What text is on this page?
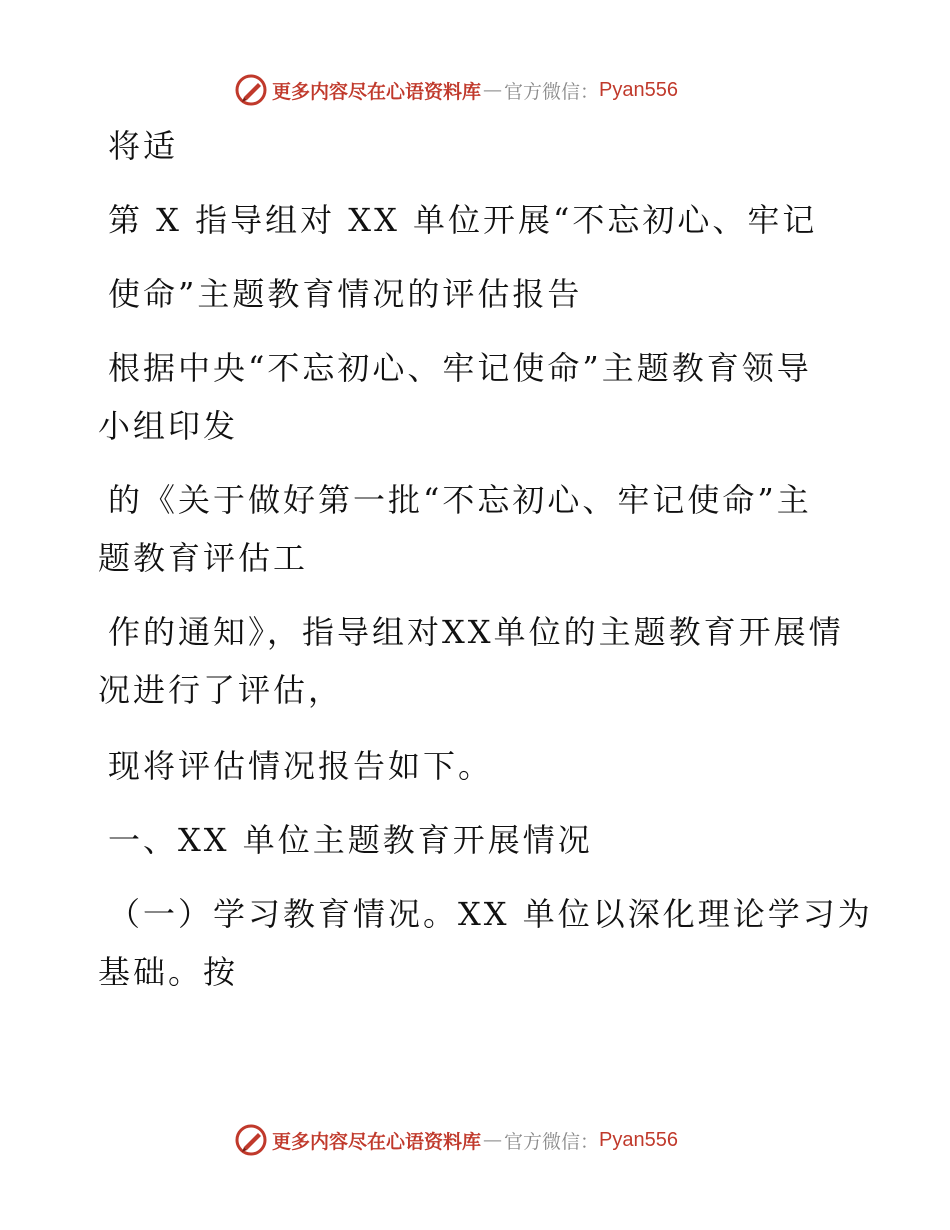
更多内容尽在心语资料库 — 官方微信： Pyan556
将适
第 X 指导组对 XX 单位开展“不忘初心、牢记
使命”主题教育情况的评估报告
根据中央“不忘初心、牢记使命”主题教育领导
小组印发
的《关于做好第一批“不忘初心、牢记使命”主
题教育评估工
作的通知》，指导组对XX单位的主题教育开展情
况进行了评估，
现将评估情况报告如下。
一、XX 单位主题教育开展情况
（一）学习教育情况。XX 单位以深化理论学习为
基础。按
更多内容尽在心语资料库 — 官方微信： Pyan556
